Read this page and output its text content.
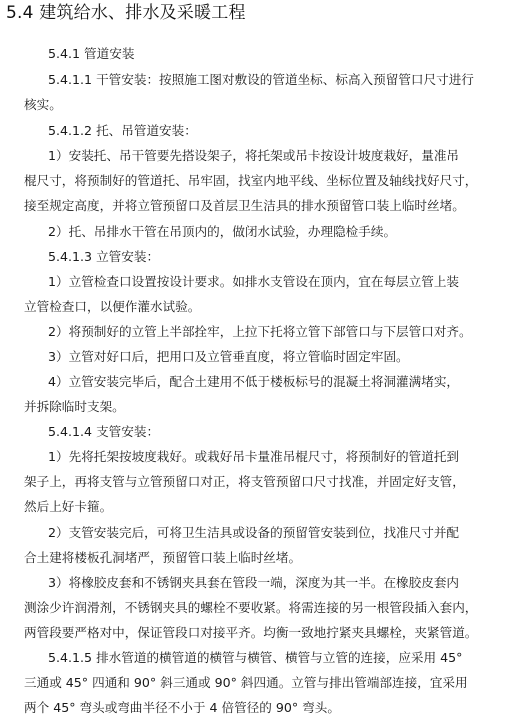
5.4 建筑给水、排水及采暖工程
5.4.1 管道安装
5.4.1.1 干管安装：按照施工图对敷设的管道坐标、标高入预留管口尺寸进行
核实。
5.4.1.2 托、吊管道安装：
1）安装托、吊干管要先搭设架子，将托架或吊卡按设计坡度栽好，量准吊
棍尺寸，将预制好的管道托、吊牢固，找室内地平线、坐标位置及轴线找好尺寸，
接至规定高度，并将立管预留口及首层卫生洁具的排水预留管口装上临时丝堵。
2）托、吊排水干管在吊顶内的，做闭水试验，办理隐检手续。
5.4.1.3 立管安装：
1）立管检查口设置按设计要求。如排水支管设在顶内，宜在每层立管上装
立管检查口，以便作灌水试验。
2）将预制好的立管上半部拴牢，上拉下托将立管下部管口与下层管口对齐。
3）立管对好口后，把用口及立管垂直度，将立管临时固定牢固。
4）立管安装完毕后，配合土建用不低于楼板标号的混凝土将洞灌满堵实，
并拆除临时支架。
5.4.1.4 支管安装：
1）先将托架按坡度栽好。或栽好吊卡量准吊棍尺寸，将预制好的管道托到
架子上，再将支管与立管预留口对正，将支管预留口尺寸找准，并固定好支管，
然后上好卡箍。
2）支管安装完后，可将卫生洁具或设备的预留管安装到位，找准尺寸并配
合土建将楼板孔洞堵严，预留管口装上临时丝堵。
3）将橡胶皮套和不锈钢夹具套在管段一端，深度为其一半。在橡胶皮套内
测涂少许润滑剂，不锈钢夹具的螺栓不要收紧。将需连接的另一根管段插入套内，
两管段要严格对中，保证管段口对接平齐。均衡一致地拧紧夹具螺栓，夹紧管道。
5.4.1.5 排水管道的横管道的横管与横管、横管与立管的连接，应采用 45°
三通或 45° 四通和 90° 斜三通或 90° 斜四通。立管与排出管端部连接，宜采用
两个 45° 弯头或弯曲半径不小于 4 倍管径的 90° 弯头。
